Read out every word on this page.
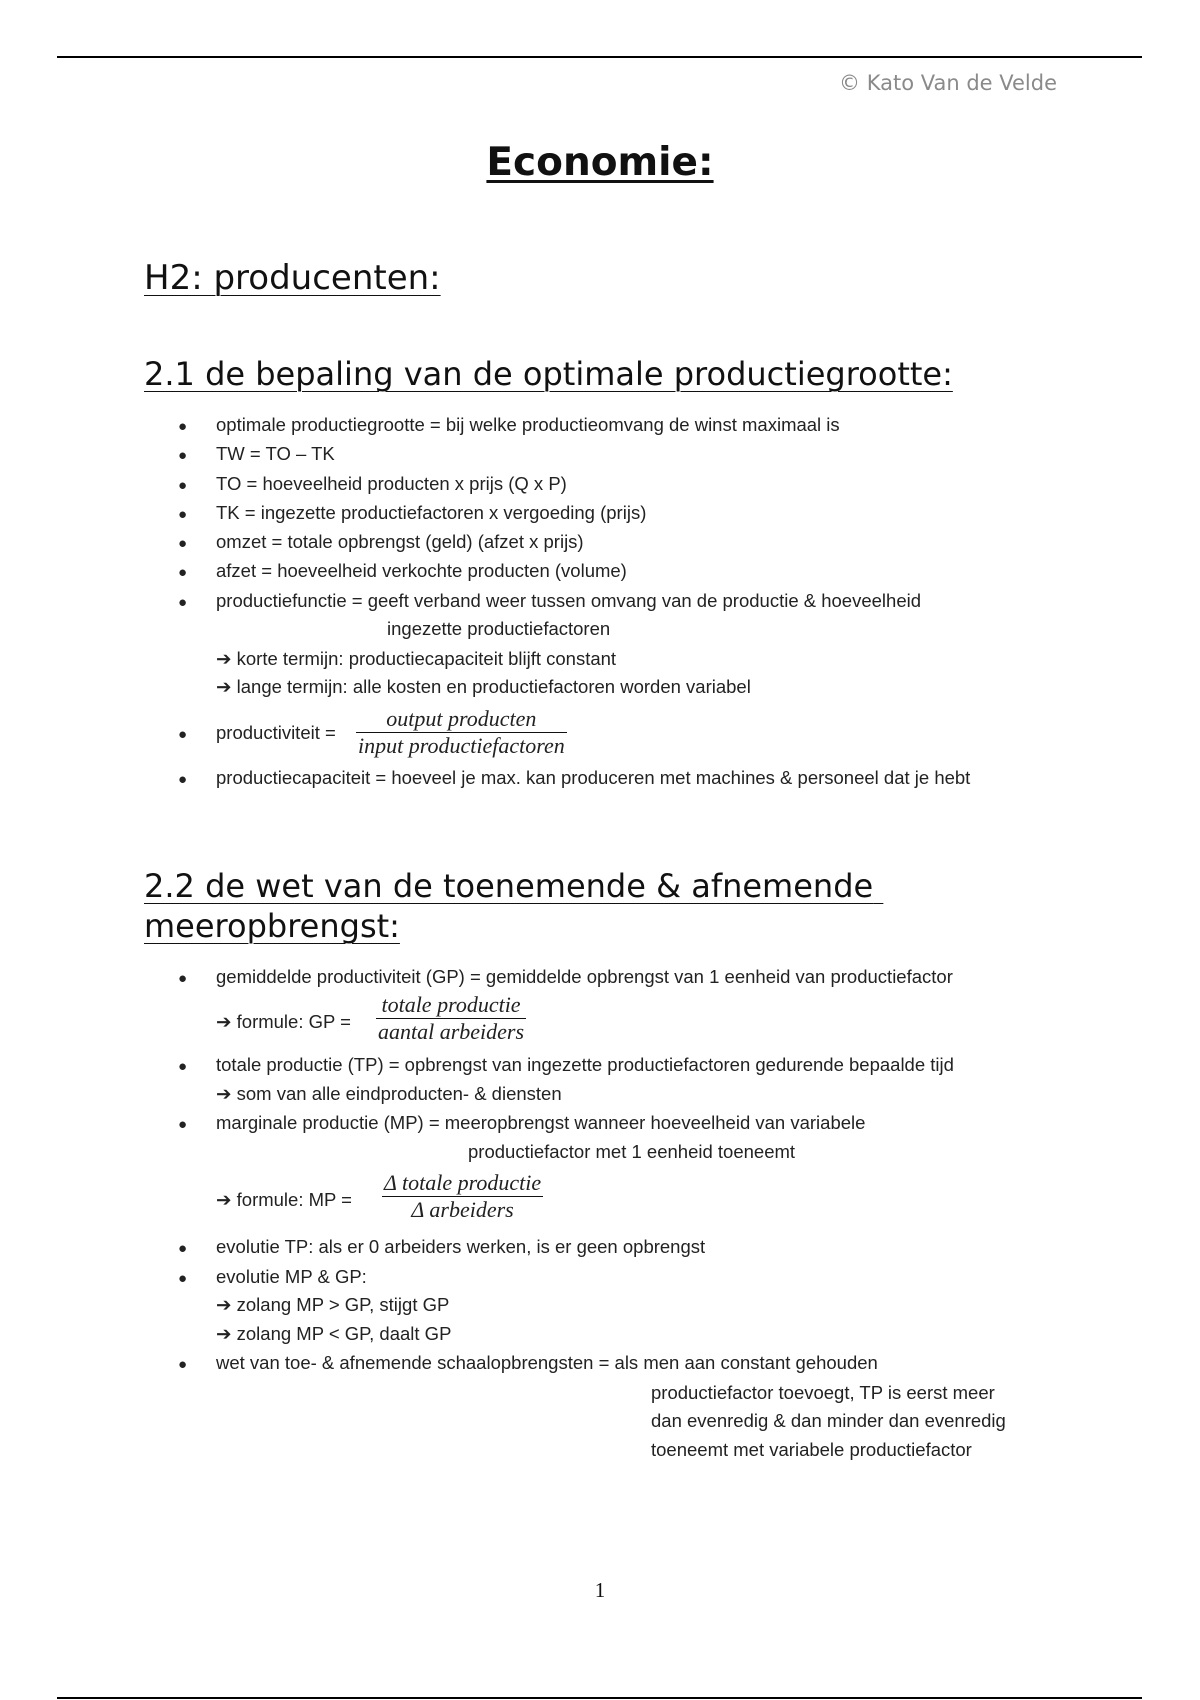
© Kato Van de Velde
Economie:
H2: producenten:
2.1 de bepaling van de optimale productiegrootte:
● optimale productiegrootte = bij welke productieomvang de winst maximaal is
● TW = TO – TK
● TO = hoeveelheid producten x prijs (Q x P)
● TK = ingezette productiefactoren x vergoeding (prijs)
● omzet = totale opbrengst (geld) (afzet x prijs)
● afzet = hoeveelheid verkochte producten (volume)
● productiefunctie = geeft verband weer tussen omvang van de productie & hoeveelheid
ingezette productiefactoren
➔ korte termijn: productiecapaciteit blijft constant
➔ lange termijn: alle kosten en productiefactoren worden variabel
● productiviteit =
output producten
input productiefactoren
● productiecapaciteit = hoeveel je max. kan produceren met machines & personeel dat je hebt
2.2 de wet van de toenemende & afnemende
meeropbrengst:
● gemiddelde productiviteit (GP) = gemiddelde opbrengst van 1 eenheid van productiefactor
➔ formule: GP =
totale productie
aantal arbeiders
● totale productie (TP) = opbrengst van ingezette productiefactoren gedurende bepaalde tijd
➔ som van alle eindproducten- & diensten
● marginale productie (MP) = meeropbrengst wanneer hoeveelheid van variabele
productiefactor met 1 eenheid toeneemt
➔ formule: MP =
Δ totale productie
Δ arbeiders
● evolutie TP: als er 0 arbeiders werken, is er geen opbrengst
● evolutie MP & GP:
➔ zolang MP > GP, stijgt GP
➔ zolang MP < GP, daalt GP
● wet van toe- & afnemende schaalopbrengsten = als men aan constant gehouden
productiefactor toevoegt, TP is eerst meer
dan evenredig & dan minder dan evenredig
toeneemt met variabele productiefactor
1
